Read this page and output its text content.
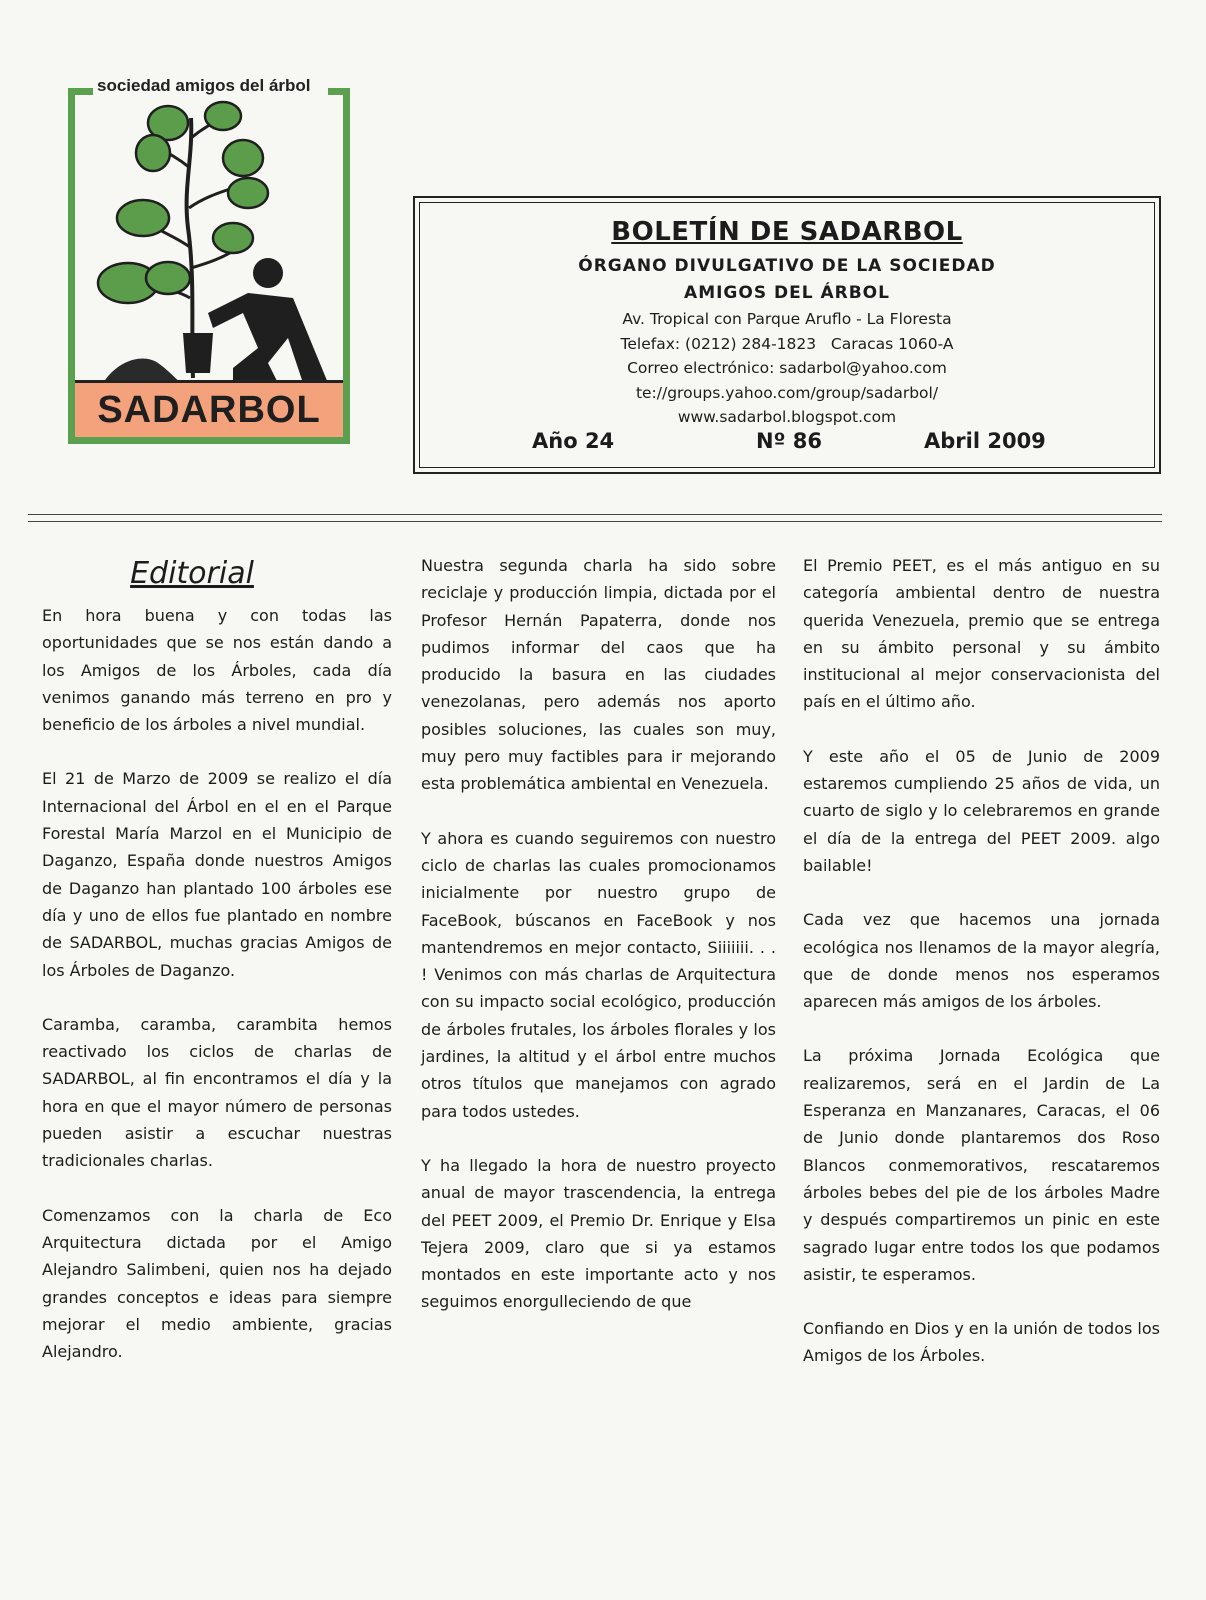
sociedad amigos del árbol
SADARBOL
BOLETÍN DE SADARBOL
ÓRGANO DIVULGATIVO DE LA SOCIEDAD
AMIGOS DEL ÁRBOL
Av. Tropical con Parque Aruflo - La Floresta
Telefax: (0212) 284-1823   Caracas 1060-A
Correo electrónico: sadarbol@yahoo.com
te://groups.yahoo.com/group/sadarbol/
www.sadarbol.blogspot.com
Año 24	Nº 86	Abril 2009
Editorial

En hora buena y con todas las oportunidades que se nos están dando a los Amigos de los Árboles, cada día venimos ganando más terreno en pro y beneficio de los árboles a nivel mundial.

El 21 de Marzo de 2009 se realizo el día Internacional del Árbol en el en el Parque Forestal María Marzol en el Municipio de Daganzo, España donde nuestros Amigos de Daganzo han plantado 100 árboles ese día y uno de ellos fue plantado en nombre de SADARBOL, muchas gracias Amigos de los Árboles de Daganzo.

Caramba, caramba, carambita hemos reactivado los ciclos de charlas de SADARBOL, al fin encontramos el día y la hora en que el mayor número de personas pueden asistir a escuchar nuestras tradicionales charlas.

Comenzamos con la charla de Eco Arquitectura dictada por el Amigo Alejandro Salimbeni, quien nos ha dejado grandes conceptos e ideas para siempre mejorar el medio ambiente, gracias Alejandro.

Nuestra segunda charla ha sido sobre reciclaje y producción limpia, dictada por el Profesor Hernán Papaterra, donde nos pudimos informar del caos que ha producido la basura en las ciudades venezolanas, pero además nos aporto posibles soluciones, las cuales son muy, muy pero muy factibles para ir mejorando esta problemática ambiental en Venezuela.

Y ahora es cuando seguiremos con nuestro ciclo de charlas las cuales promocionamos inicialmente por nuestro grupo de FaceBook, búscanos en FaceBook y nos mantendremos en mejor contacto, Siiiiiii. . . ! Venimos con más charlas de Arquitectura con su impacto social ecológico, producción de árboles frutales, los árboles florales y los jardines, la altitud y el árbol entre muchos otros títulos que manejamos con agrado para todos ustedes.

Y ha llegado la hora de nuestro proyecto anual de mayor trascendencia, la entrega del PEET 2009, el Premio Dr. Enrique y Elsa Tejera 2009, claro que si ya estamos montados en este importante acto y nos seguimos enorgulleciendo de que

El Premio PEET, es el más antiguo en su categoría ambiental dentro de nuestra querida Venezuela, premio que se entrega en su ámbito personal y su ámbito institucional al mejor conservacionista del país en el último año.

Y este año el 05 de Junio de 2009 estaremos cumpliendo 25 años de vida, un cuarto de siglo y lo celebraremos en grande el día de la entrega del PEET 2009. algo bailable!

Cada vez que hacemos una jornada ecológica nos llenamos de la mayor alegría, que de donde menos nos esperamos aparecen más amigos de los árboles.

La próxima Jornada Ecológica que realizaremos, será en el Jardin de La Esperanza en Manzanares, Caracas, el 06 de Junio donde plantaremos dos Roso Blancos conmemorativos, rescataremos árboles bebes del pie de los árboles Madre y después compartiremos un pinic en este sagrado lugar entre todos los que podamos asistir, te esperamos.

Confiando en Dios y en la unión de todos los Amigos de los Árboles.
